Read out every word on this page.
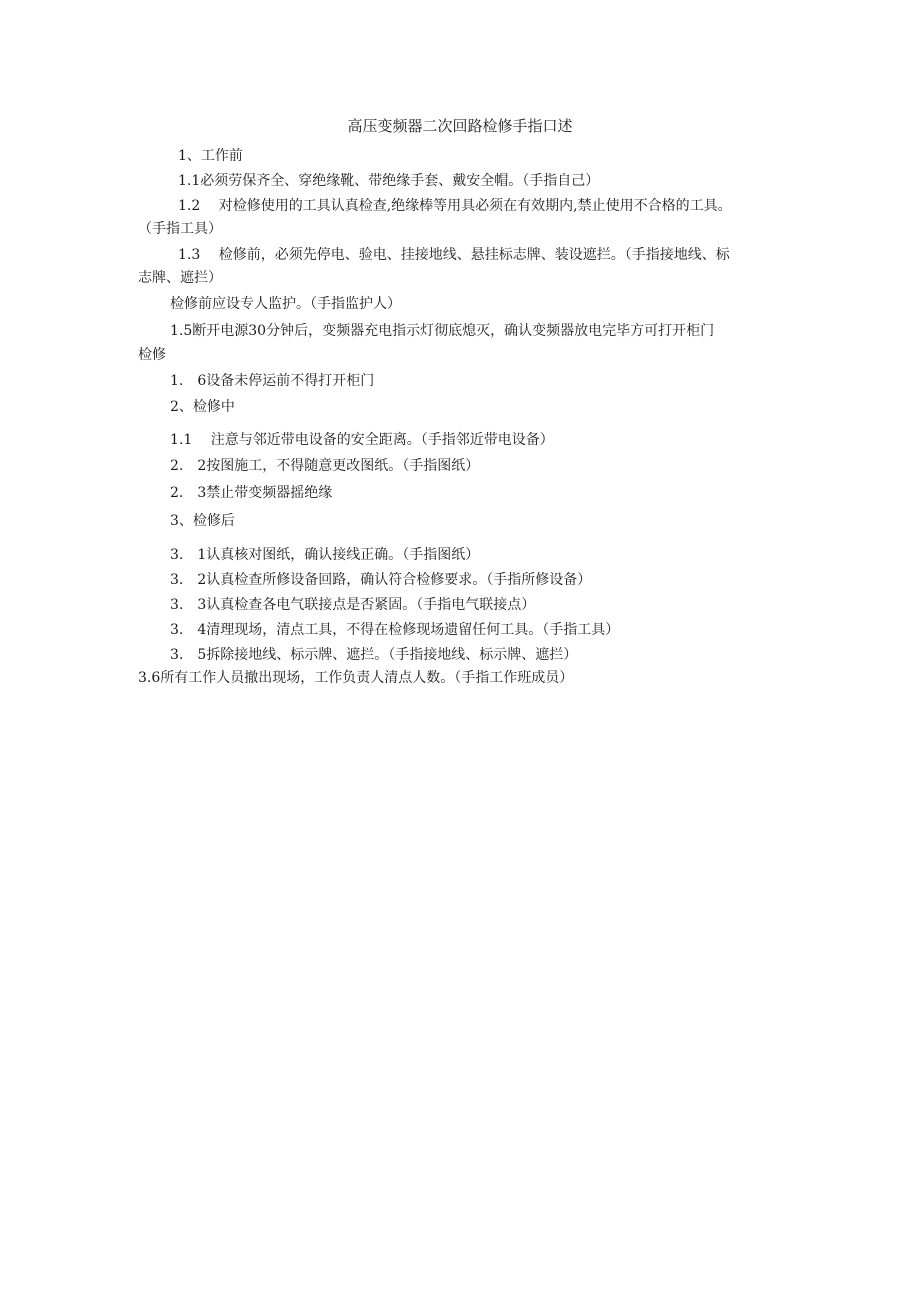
高压变频器二次回路检修手指口述
1、工作前
1.1必须劳保齐全、穿绝缘靴、带绝缘手套、戴安全帽。（手指自己）
1.2　 对检修使用的工具认真检查,绝缘棒等用具必须在有效期内,禁止使用不合格的工具。
（手指工具）
1.3　 检修前，必须先停电、验电、挂接地线、悬挂标志牌、装设遮拦。（手指接地线、标
志牌、遮拦）
检修前应设专人监护。（手指监护人）
1.5断开电源30分钟后，变频器充电指示灯彻底熄灭，确认变频器放电完毕方可打开柜门
检修
1.　6设备未停运前不得打开柜门
2、检修中
1.1　 注意与邻近带电设备的安全距离。（手指邻近带电设备）
2.　2按图施工，不得随意更改图纸。（手指图纸）
2.　3禁止带变频器摇绝缘
3、检修后
3.　1认真核对图纸，确认接线正确。（手指图纸）
3.　2认真检查所修设备回路，确认符合检修要求。（手指所修设备）
3.　3认真检查各电气联接点是否紧固。（手指电气联接点）
3.　4清理现场，清点工具，不得在检修现场遗留任何工具。（手指工具）
3.　5拆除接地线、标示牌、遮拦。（手指接地线、标示牌、遮拦）
3.6所有工作人员撤出现场，工作负责人清点人数。（手指工作班成员）
